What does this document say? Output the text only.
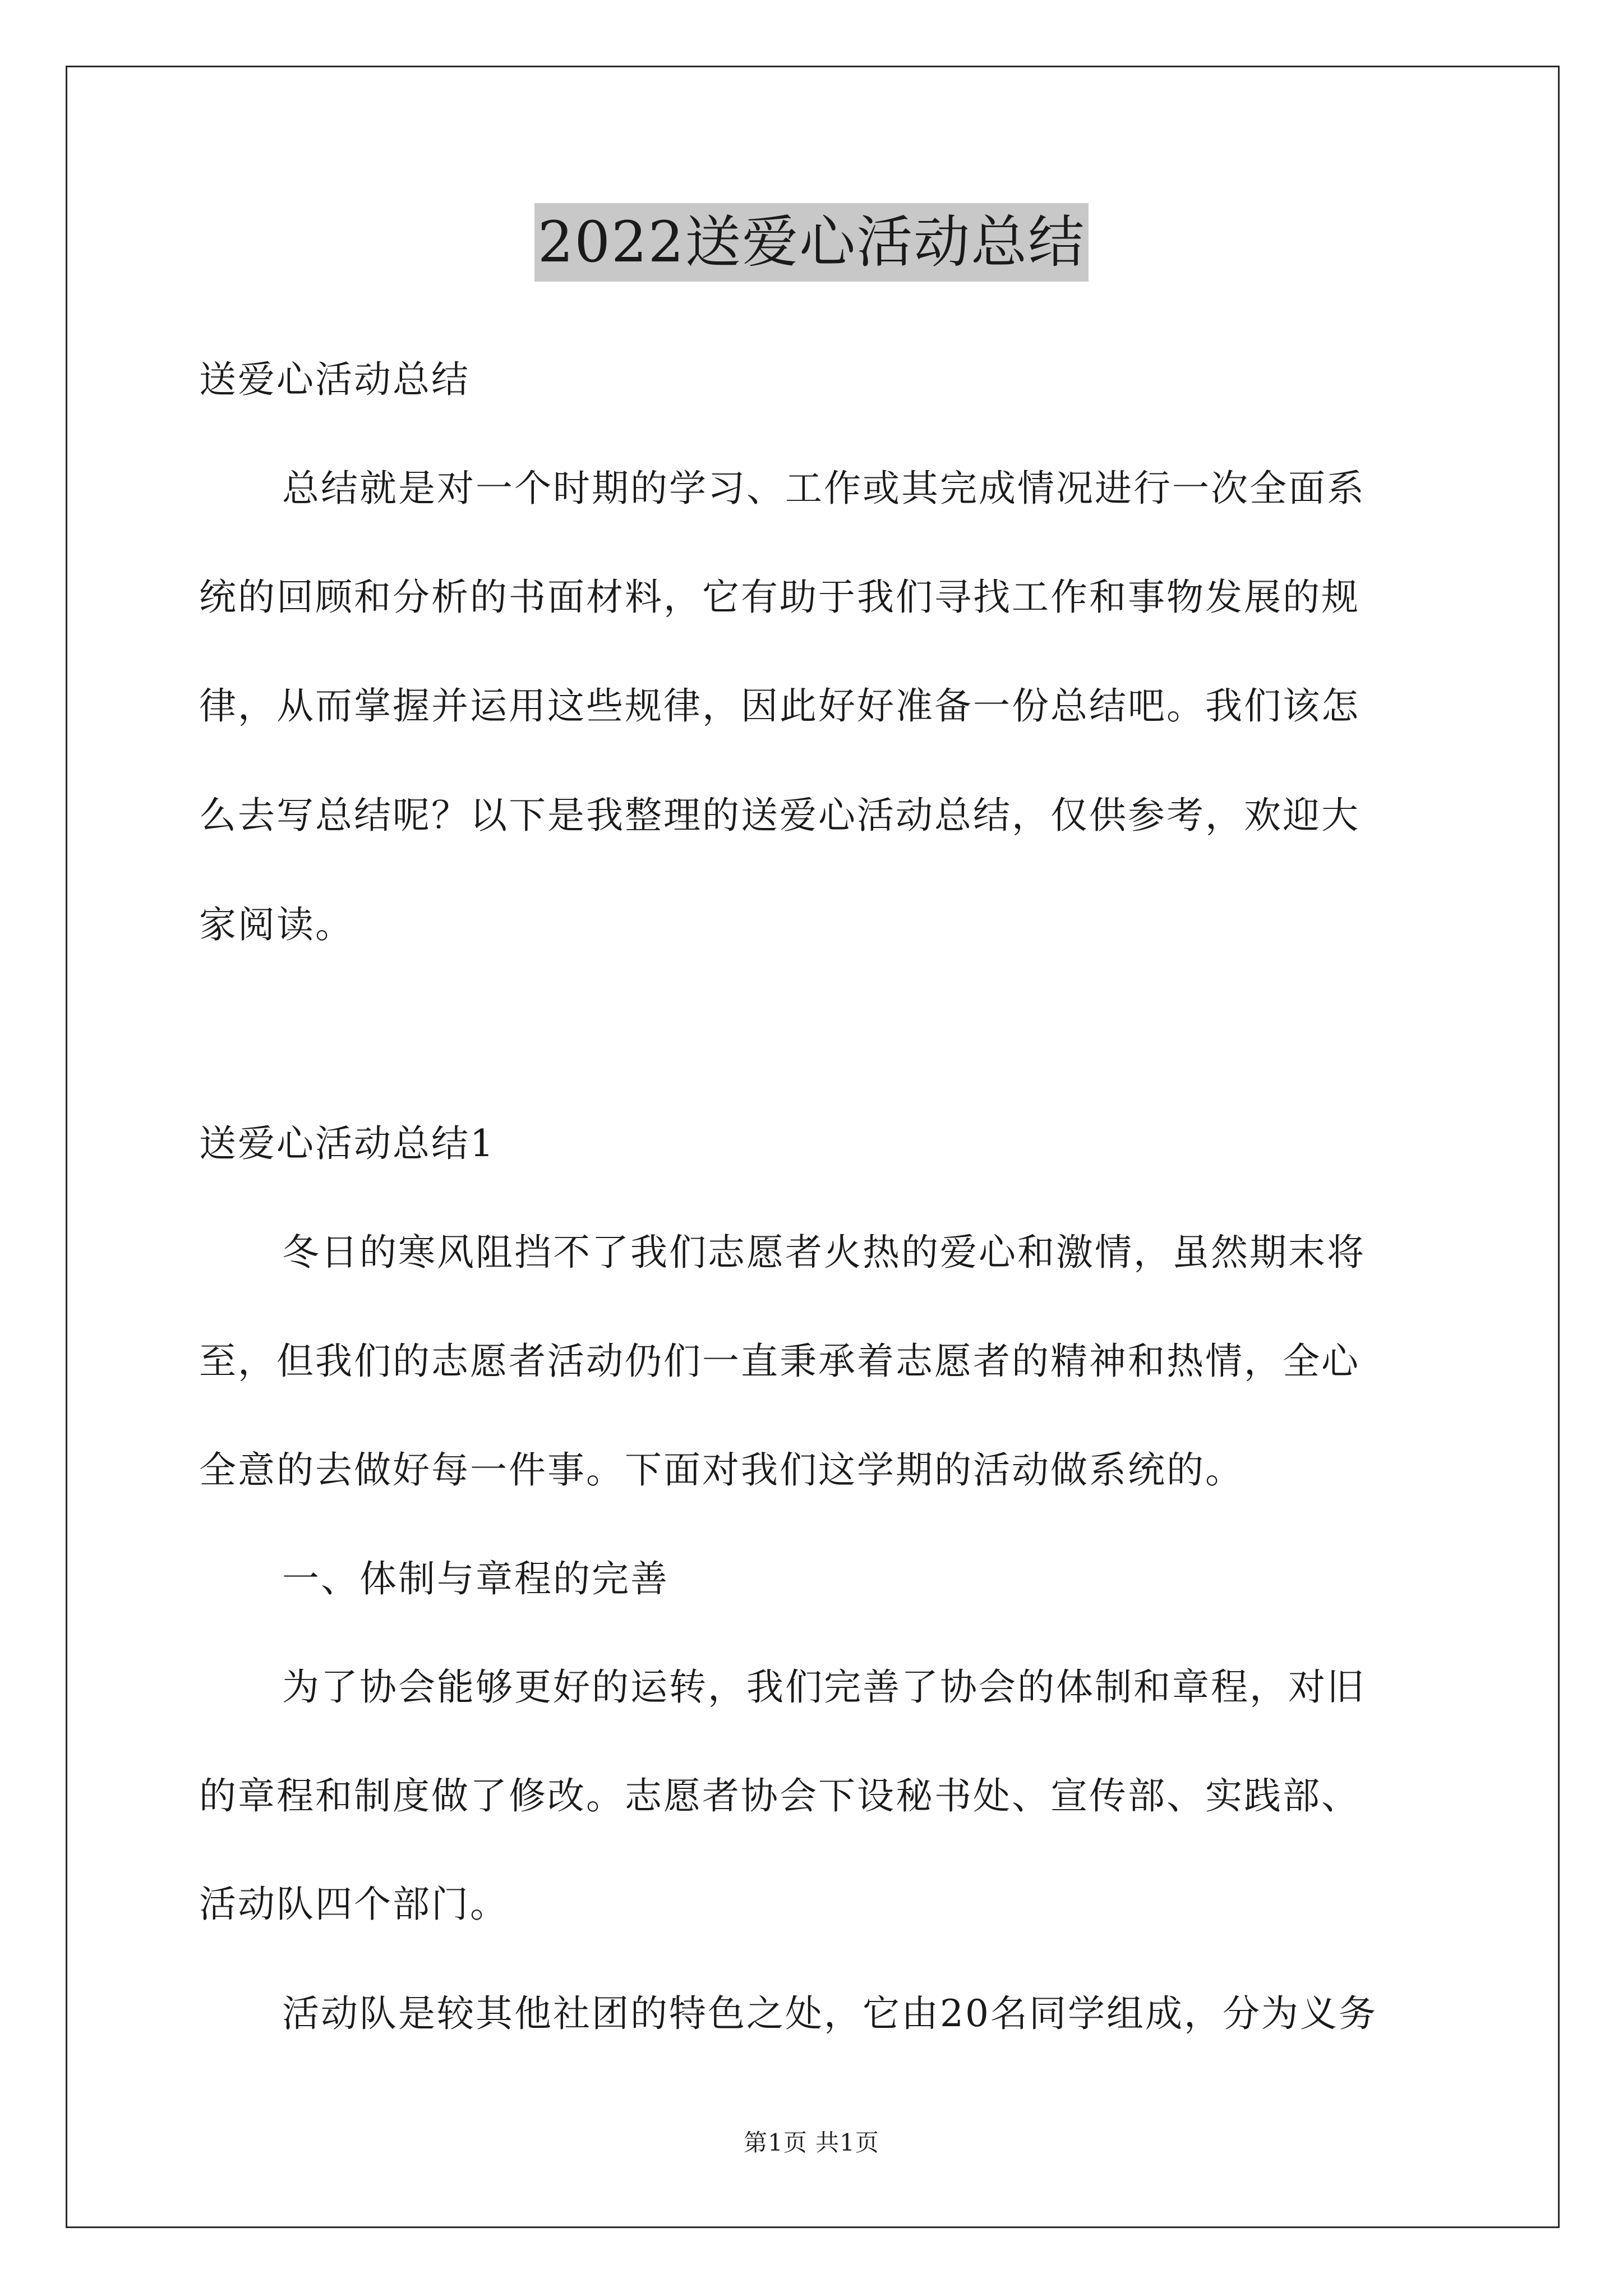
2022送爱心活动总结
送爱心活动总结
总结就是对一个时期的学习、工作或其完成情况进行一次全面系
统的回顾和分析的书面材料，它有助于我们寻找工作和事物发展的规
律，从而掌握并运用这些规律，因此好好准备一份总结吧。我们该怎
么去写总结呢？以下是我整理的送爱心活动总结，仅供参考，欢迎大
家阅读。
送爱心活动总结1
冬日的寒风阻挡不了我们志愿者火热的爱心和激情，虽然期末将
至，但我们的志愿者活动仍们一直秉承着志愿者的精神和热情，全心
全意的去做好每一件事。下面对我们这学期的活动做系统的。
一、体制与章程的完善
为了协会能够更好的运转，我们完善了协会的体制和章程，对旧
的章程和制度做了修改。志愿者协会下设秘书处、宣传部、实践部、
活动队四个部门。
活动队是较其他社团的特色之处，它由20名同学组成，分为义务
第1页 共1页
